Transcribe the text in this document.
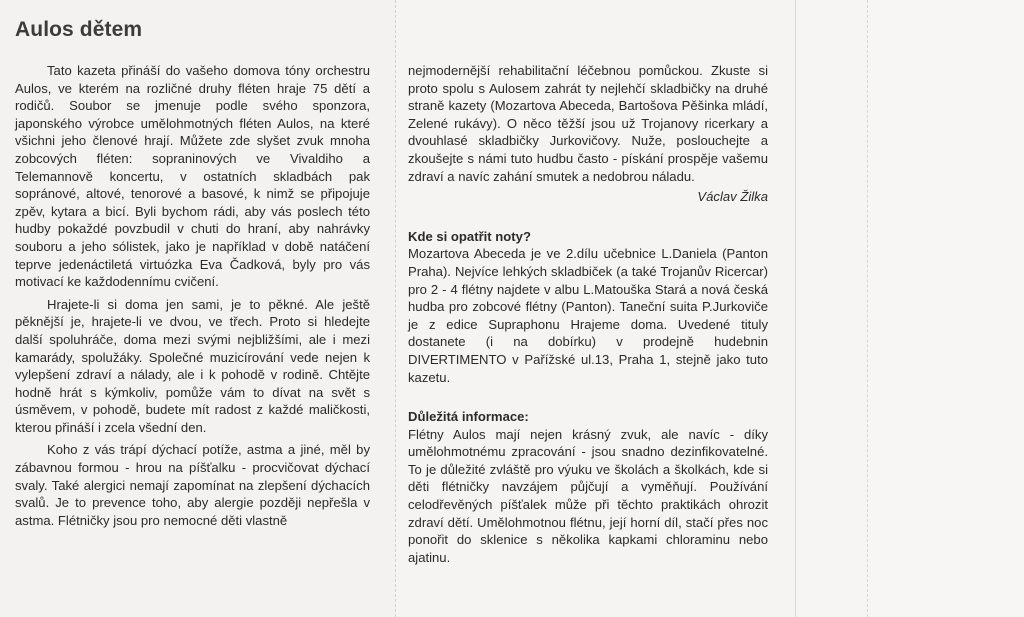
Aulos dětem

Tato kazeta přináší do vašeho domova tóny orchestru Aulos, ve kterém na rozličné druhy fléten hraje 75 dětí a rodičů. Soubor se jmenuje podle svého sponzora, japonského výrobce umělohmotných fléten Aulos, na které všichni jeho členové hrají. Můžete zde slyšet zvuk mnoha zobcových fléten: sopraninových ve Vivaldiho a Telemannově koncertu, v ostatních skladbách pak sopránové, altové, tenorové a basové, k nimž se připojuje zpěv, kytara a bicí. Byli bychom rádi, aby vás poslech této hudby pokaždé povzbudil v chuti do hraní, aby nahrávky souboru a jeho sólistek, jako je například v době natáčení teprve jedenáctiletá virtuózka Eva Čadková, byly pro vás motivací ke každodennímu cvičení.

Hrajete-li si doma jen sami, je to pěkné. Ale ještě pěknější je, hrajete-li ve dvou, ve třech. Proto si hledejte další spoluhráče, doma mezi svými nejbližšími, ale i mezi kamarády, spolužáky. Společné muzicírování vede nejen k vylepšení zdraví a nálady, ale i k pohodě v rodině. Chtějte hodně hrát s kýmkoliv, pomůže vám to dívat na svět s úsměvem, v pohodě, budete mít radost z každé maličkosti, kterou přináší i zcela všední den.

Koho z vás trápí dýchací potíže, astma a jiné, měl by zábavnou formou - hrou na píšťalku - procvičovat dýchací svaly. Také alergici nemají zapomínat na zlepšení dýchacích svalů. Je to prevence toho, aby alergie později nepřešla v astma. Flétničky jsou pro nemocné děti vlastně

nejmodernější rehabilitační léčebnou pomůckou. Zkuste si proto spolu s Aulosem zahrát ty nejlehčí skladbičky na druhé straně kazety (Mozartova Abeceda, Bartošova Pěšinka mládí, Zelené rukávy). O něco těžší jsou už Trojanovy ricerkary a dvouhlasé skladbičky Jurkovičovy. Nuže, poslouchejte a zkoušejte s námi tuto hudbu často - pískání prospěje vašemu zdraví a navíc zahání smutek a nedobrou náladu.

Václav Žilka

Kde si opatřit noty?

Mozartova Abeceda je ve 2.dílu učebnice L.Daniela (Panton Praha). Nejvíce lehkých skladbiček (a také Trojanův Ricercar) pro 2 - 4 flétny najdete v albu L.Matouška Stará a nová česká hudba pro zobcové flétny (Panton). Taneční suita P.Jurkoviče je z edice Supraphonu Hrajeme doma. Uvedené tituly dostanete (i na dobírku) v prodejně hudebnin DIVERTIMENTO v Pařížské ul.13, Praha 1, stejně jako tuto kazetu.

Důležitá informace:

Flétny Aulos mají nejen krásný zvuk, ale navíc - díky umělohmotnému zpracování - jsou snadno dezinfikovatelné. To je důležité zvláště pro výuku ve školách a školkách, kde si děti flétničky navzájem půjčují a vyměňují. Používání celodřevěných píšťalek může při těchto praktikách ohrozit zdraví dětí. Umělohmotnou flétnu, její horní díl, stačí přes noc ponořit do sklenice s několika kapkami chloraminu nebo ajatinu.
